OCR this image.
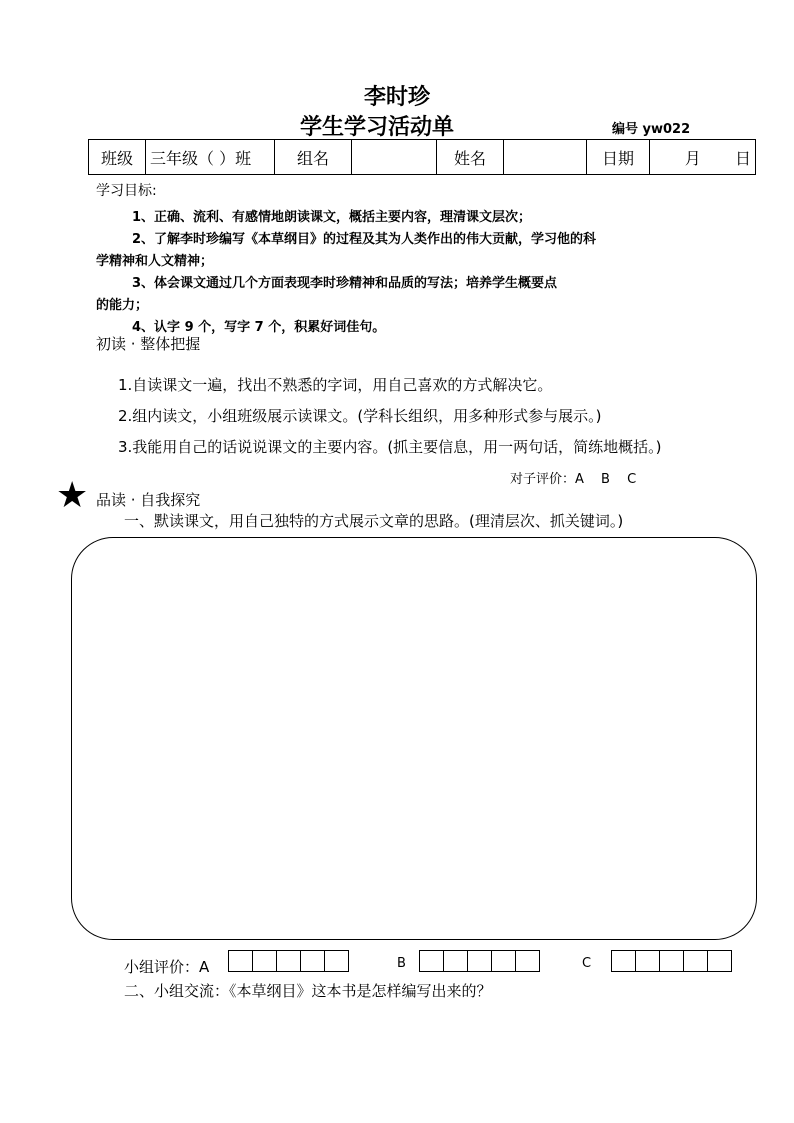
李时珍
学生学习活动单	编号 yw022
班级	三年级（ ）班	组名		姓名		日期	月 日
学习目标:
1、正确、流利、有感情地朗读课文，概括主要内容，理清课文层次；
2、了解李时珍编写《本草纲目》的过程及其为人类作出的伟大贡献，学习他的科
学精神和人文精神；
3、体会课文通过几个方面表现李时珍精神和品质的写法；培养学生概要点
的能力；
4、认字 9 个，写字 7 个，积累好词佳句。
初读 · 整体把握
1.自读课文一遍，找出不熟悉的字词，用自己喜欢的方式解决它。
2.组内读文，小组班级展示读课文。(学科长组织，用多种形式参与展示。)
3.我能用自己的话说说课文的主要内容。(抓主要信息，用一两句话，简练地概括。)
对子评价：A　 B　 C
★ 品读 · 自我探究
一、默读课文，用自己独特的方式展示文章的思路。(理清层次、抓关键词。)
小组评价：A	B	C
二、小组交流：《本草纲目》这本书是怎样编写出来的？
